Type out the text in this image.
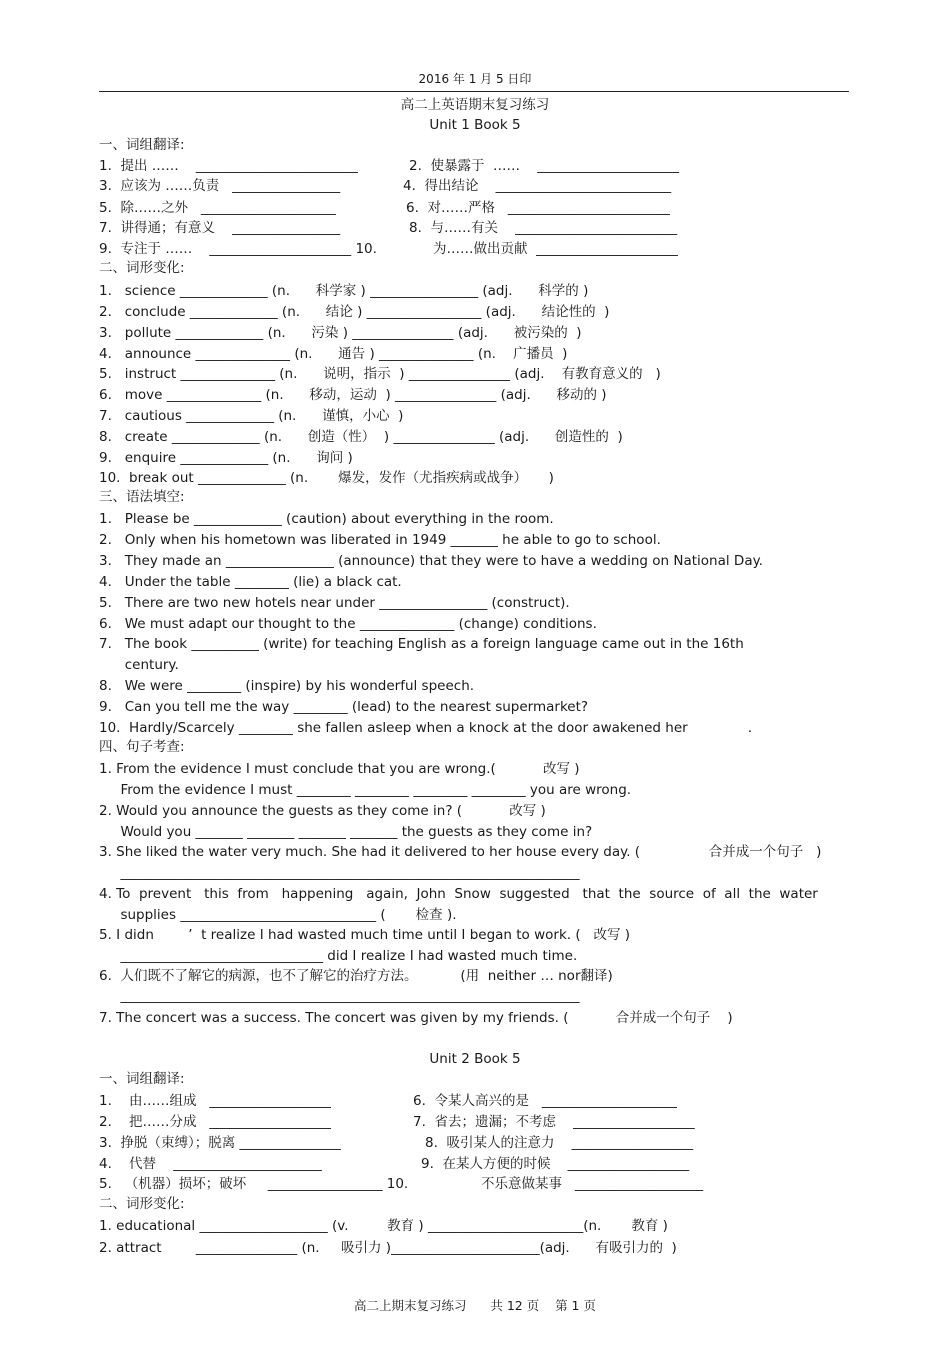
2016 年 1 月 5 日印
高二上英语期末复习练习
Unit 1 Book 5
一、词组翻译:
1.  提出 ……    ________________________	2.  使暴露于  ……    _____________________
3.  应该为 ……负责   ________________	4.  得出结论    __________________________
5.  除……之外   ____________________	6.  对……严格   ________________________
7.  讲得通；有意义    ________________	8.  与……有关    ________________________
9.  专注于 ……    _____________________ 10.	为……做出贡献  _____________________
二、词形变化:
1.   science _____________ (n.      科学家 ) ________________ (adj.      科学的 )
2.   conclude _____________ (n.      结论 ) _________________ (adj.      结论性的  )
3.   pollute _____________ (n.      污染 ) _______________ (adj.      被污染的  )
4.   announce ______________ (n.      通告 ) ______________ (n.    广播员  )
5.   instruct ______________ (n.      说明，指示  ) _______________ (adj.    有教育意义的   )
6.   move ______________ (n.      移动，运动  ) _______________ (adj.      移动的 )
7.   cautious _____________ (n.      谨慎，小心  )
8.   create _____________ (n.      创造（性）  ) _______________ (adj.      创造性的  )
9.   enquire _____________ (n.      询问 )
10.  break out _____________ (n.       爆发，发作（尤指疾病或战争）     )
三、语法填空:
1.   Please be _____________ (caution) about everything in the room.
2.   Only when his hometown was liberated in 1949 _______ he able to go to school.
3.   They made an ________________ (announce) that they were to have a wedding on National Day.
4.   Under the table ________ (lie) a black cat.
5.   There are two new hotels near under ________________ (construct).
6.   We must adapt our thought to the ______________ (change) conditions.
7.   The book __________ (write) for teaching English as a foreign language came out in the 16th
century.
8.   We were ________ (inspire) by his wonderful speech.
9.   Can you tell me the way ________ (lead) to the nearest supermarket?
10.  Hardly/Scarcely ________ she fallen asleep when a knock at the door awakened her              .
四、句子考查:
1. From the evidence I must conclude that you are wrong.(           改写 )
From the evidence I must ________ ________ ________ ________ you are wrong.
2. Would you announce the guests as they come in? (           改写 )
Would you _______ _______ _______ _______ the guests as they come in?
3. She liked the water very much. She had it delivered to her house every day. (                合并成一个句子   )
____________________________________________________________________
4. To  prevent   this  from   happening   again,  John  Snow  suggested   that  the  source  of  all  the  water
supplies _____________________________ (       检查 ).
5. I didn        ’  t realize I had wasted much time until I began to work. (   改写 )
______________________________ did I realize I had wasted much time.
6.  人们既不了解它的病源，也不了解它的治疗方法。          (用  neither … nor翻译)
____________________________________________________________________
7. The concert was a success. The concert was given by my friends. (           合并成一个句子    )
Unit 2 Book 5
一、词组翻译:
1.    由……组成   __________________	6.  令某人高兴的是   ____________________
2.    把……分成   __________________	7.  省去；遗漏；不考虑    __________________
3.  挣脱（束缚）；脱离 _______________	8.  吸引某人的注意力    __________________
4.    代替    ______________________	9.  在某人方便的时候    __________________
5.   （机器）损坏；破坏     _________________ 10.	不乐意做某事   ___________________
二、词形变化:
1. educational ___________________ (v.         教育 ) _______________________(n.       教育 )
2. attract        _______________ (n.     吸引力 )______________________(adj.      有吸引力的  )
高二上期末复习练习      共 12 页    第 1 页
